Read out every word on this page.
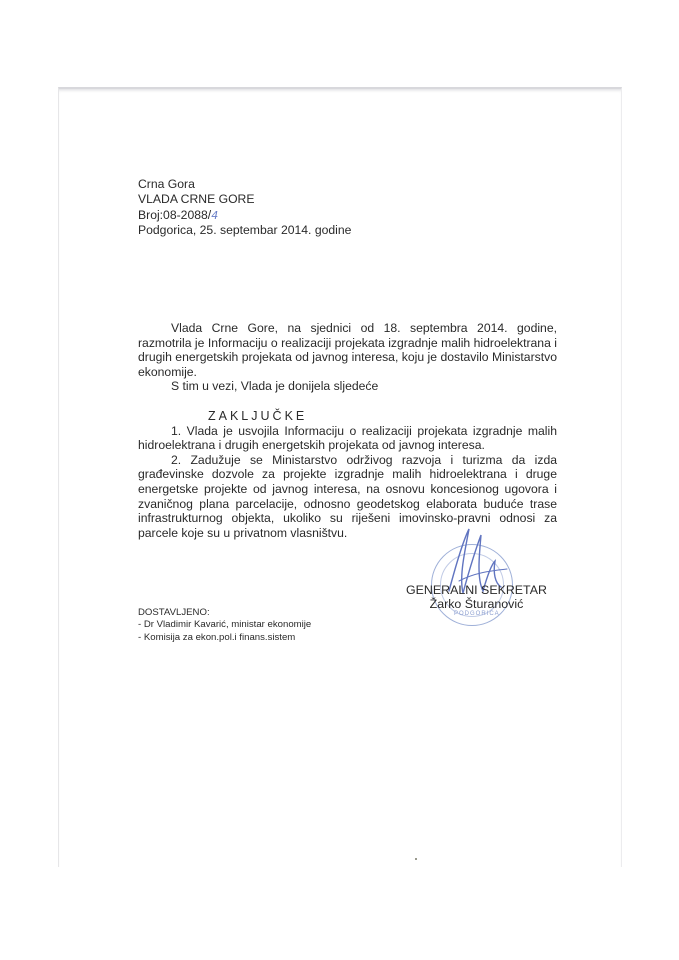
Crna Gora
VLADA CRNE GORE
Broj:08-2088/4
Podgorica, 25. septembar 2014. godine

Vlada Crne Gore, na sjednici od 18. septembra 2014. godine, razmotrila je Informaciju o realizaciji projekata izgradnje malih hidroelektrana i drugih energetskih projekata od javnog interesa, koju je dostavilo Ministarstvo ekonomije.

S tim u vezi, Vlada je donijela sljedeće

ZAKLJUČKE

1. Vlada je usvojila Informaciju o realizaciji projekata izgradnje malih hidroelektrana i drugih energetskih projekata od javnog interesa.

2. Zadužuje se Ministarstvo održivog razvoja i turizma da izda građevinske dozvole za projekte izgradnje malih hidroelektrana i druge energetske projekte od javnog interesa, na osnovu koncesionog ugovora i zvaničnog plana parcelacije, odnosno geodetskog elaborata buduće trase infrastrukturnog objekta, ukoliko su riješeni imovinsko-pravni odnosi za parcele koje su u privatnom vlasništvu.

PODGORICA
GENERALNI SEKRETAR
Žarko Šturanović
DOSTAVLJENO:
- Dr Vladimir Kavarić, ministar ekonomije
- Komisija za ekon.pol.i finans.sistem
